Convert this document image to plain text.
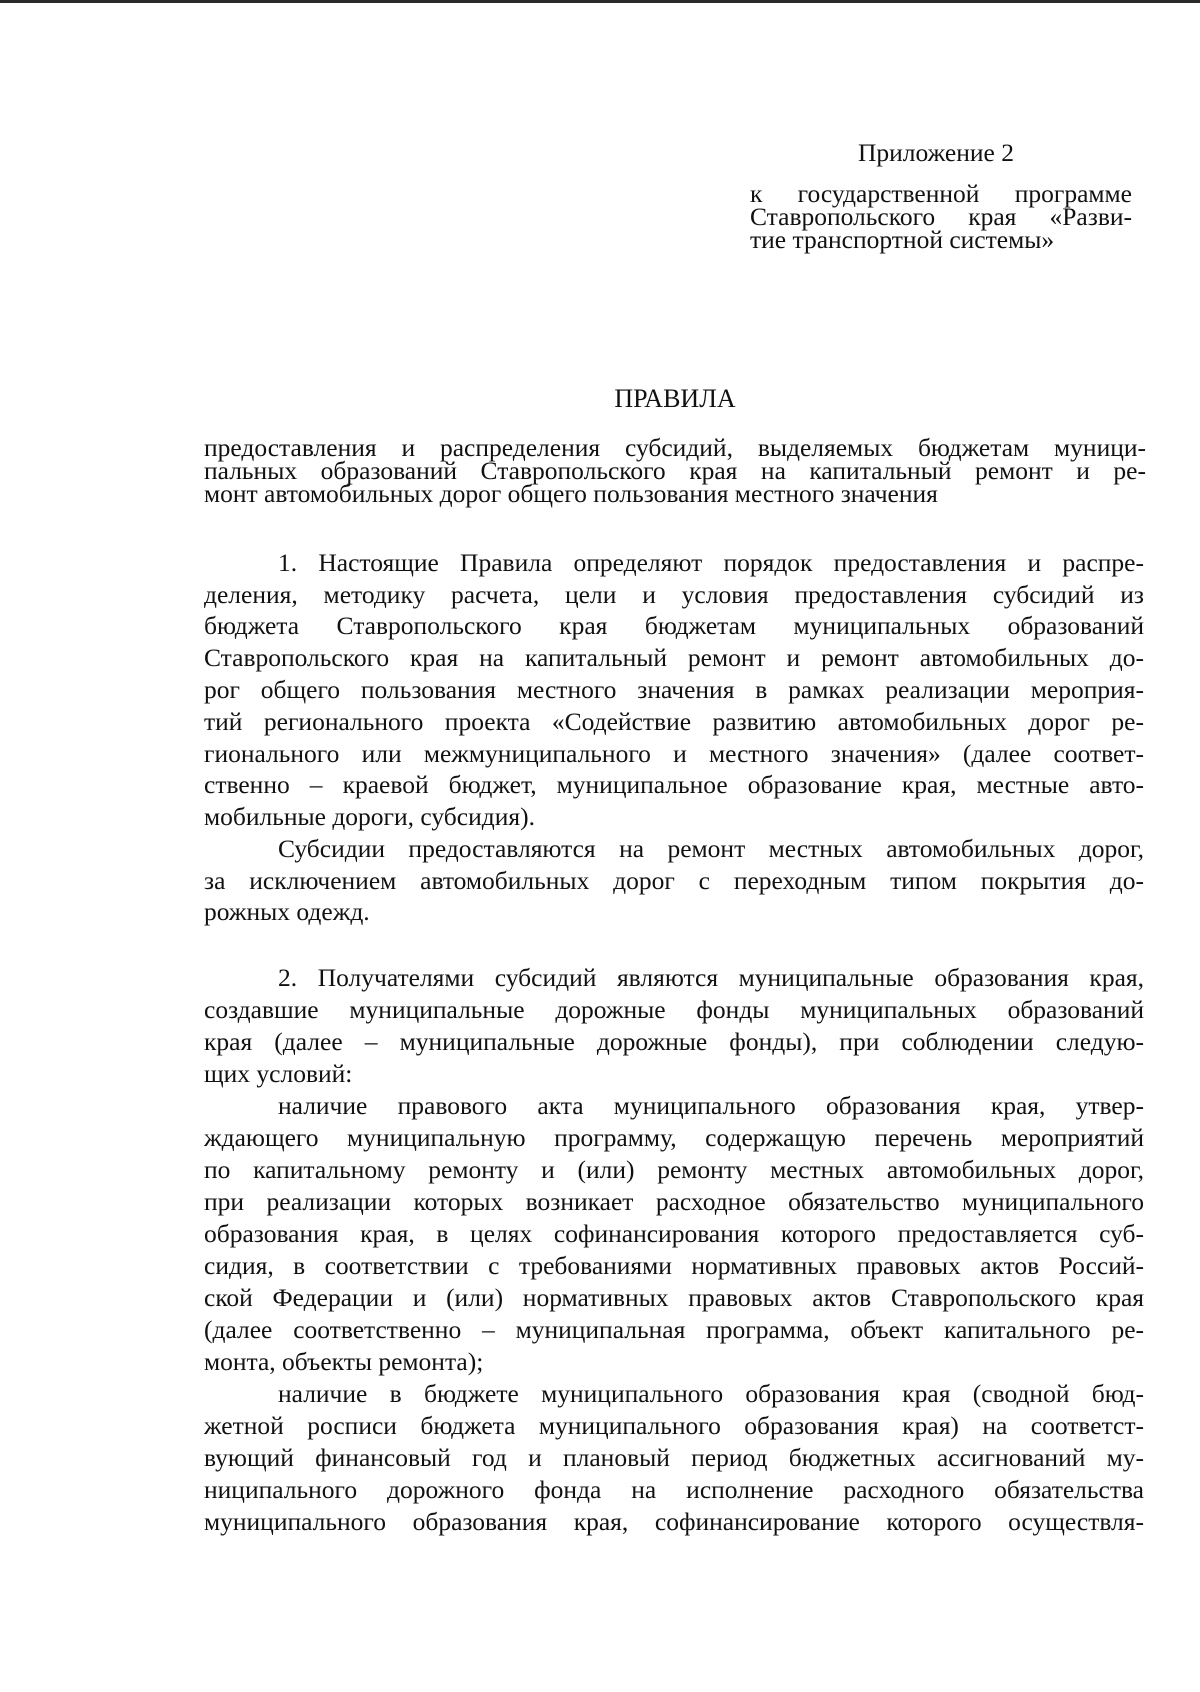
Приложение 2
к государственной программе
Ставропольского края «Разви-
тие транспортной системы»
ПРАВИЛА
предоставления и распределения субсидий, выделяемых бюджетам муници-
пальных образований Ставропольского края на капитальный ремонт и ре-
монт автомобильных дорог общего пользования местного значения
1. Настоящие Правила определяют порядок предоставления и распре-
деления, методику расчета, цели и условия предоставления субсидий из
бюджета Ставропольского края бюджетам муниципальных образований
Ставропольского края на капитальный ремонт и ремонт автомобильных до-
рог общего пользования местного значения в рамках реализации мероприя-
тий регионального проекта «Содействие развитию автомобильных дорог ре-
гионального или межмуниципального и местного значения» (далее соответ-
ственно – краевой бюджет, муниципальное образование края, местные авто-
мобильные дороги, субсидия).
Субсидии предоставляются на ремонт местных автомобильных дорог,
за исключением автомобильных дорог с переходным типом покрытия до-
рожных одежд.
2. Получателями субсидий являются муниципальные образования края,
создавшие муниципальные дорожные фонды муниципальных образований
края (далее – муниципальные дорожные фонды), при соблюдении следую-
щих условий:
наличие правового акта муниципального образования края, утвер-
ждающего муниципальную программу, содержащую перечень мероприятий
по капитальному ремонту и (или) ремонту местных автомобильных дорог,
при реализации которых возникает расходное обязательство муниципального
образования края, в целях софинансирования которого предоставляется суб-
сидия, в соответствии с требованиями нормативных правовых актов Россий-
ской Федерации и (или) нормативных правовых актов Ставропольского края
(далее соответственно – муниципальная программа, объект капитального ре-
монта, объекты ремонта);
наличие в бюджете муниципального образования края (сводной бюд-
жетной росписи бюджета муниципального образования края) на соответст-
вующий финансовый год и плановый период бюджетных ассигнований му-
ниципального дорожного фонда на исполнение расходного обязательства
муниципального образования края, софинансирование которого осуществля-
